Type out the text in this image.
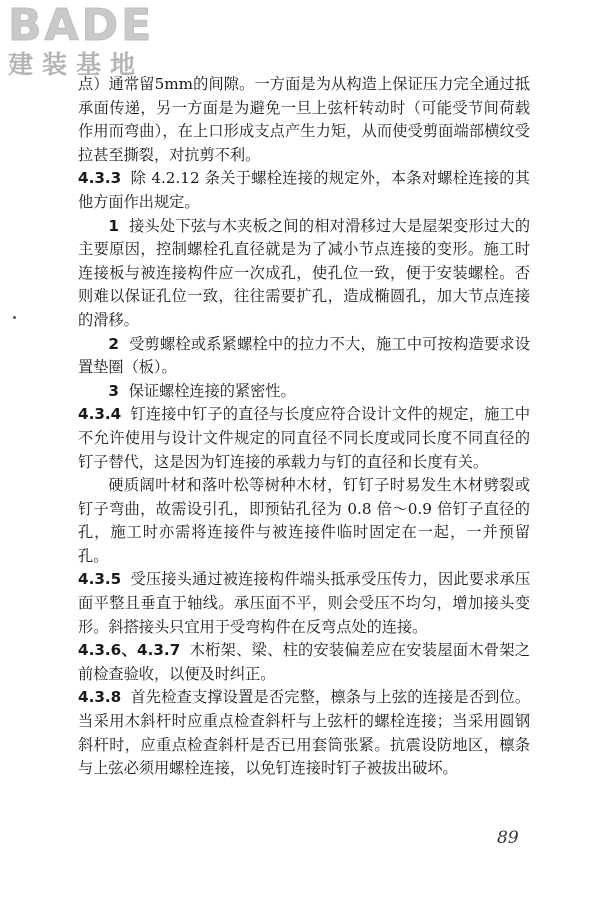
BADE
建装基地

点）通常留5mm的间隙。一方面是为从构造上保证压力完全通过抵承面传递，另一方面是为避免一旦上弦杆转动时（可能受节间荷载作用而弯曲），在上口形成支点产生力矩，从而使受剪面端部横纹受拉甚至撕裂，对抗剪不利。

4.3.3 除 4.2.12 条关于螺栓连接的规定外，本条对螺栓连接的其他方面作出规定。

1 接头处下弦与木夹板之间的相对滑移过大是屋架变形过大的主要原因，控制螺栓孔直径就是为了减小节点连接的变形。施工时连接板与被连接构件应一次成孔，使孔位一致，便于安装螺栓。否则难以保证孔位一致，往往需要扩孔，造成椭圆孔，加大节点连接的滑移。

2 受剪螺栓或系紧螺栓中的拉力不大，施工中可按构造要求设置垫圈（板）。

3 保证螺栓连接的紧密性。

4.3.4 钉连接中钉子的直径与长度应符合设计文件的规定，施工中不允许使用与设计文件规定的同直径不同长度或同长度不同直径的钉子替代，这是因为钉连接的承载力与钉的直径和长度有关。

硬质阔叶材和落叶松等树种木材，钉钉子时易发生木材劈裂或钉子弯曲，故需设引孔，即预钻孔径为 0.8 倍～0.9 倍钉子直径的孔，施工时亦需将连接件与被连接件临时固定在一起，一并预留孔。

4.3.5 受压接头通过被连接构件端头抵承受压传力，因此要求承压面平整且垂直于轴线。承压面不平，则会受压不均匀，增加接头变形。斜搭接头只宜用于受弯构件在反弯点处的连接。

4.3.6、4.3.7 木桁架、梁、柱的安装偏差应在安装屋面木骨架之前检查验收，以便及时纠正。

4.3.8 首先检查支撑设置是否完整，檩条与上弦的连接是否到位。当采用木斜杆时应重点检查斜杆与上弦杆的螺栓连接；当采用圆钢斜杆时，应重点检查斜杆是否已用套筒张紧。抗震设防地区，檩条与上弦必须用螺栓连接，以免钉连接时钉子被拔出破坏。

89
